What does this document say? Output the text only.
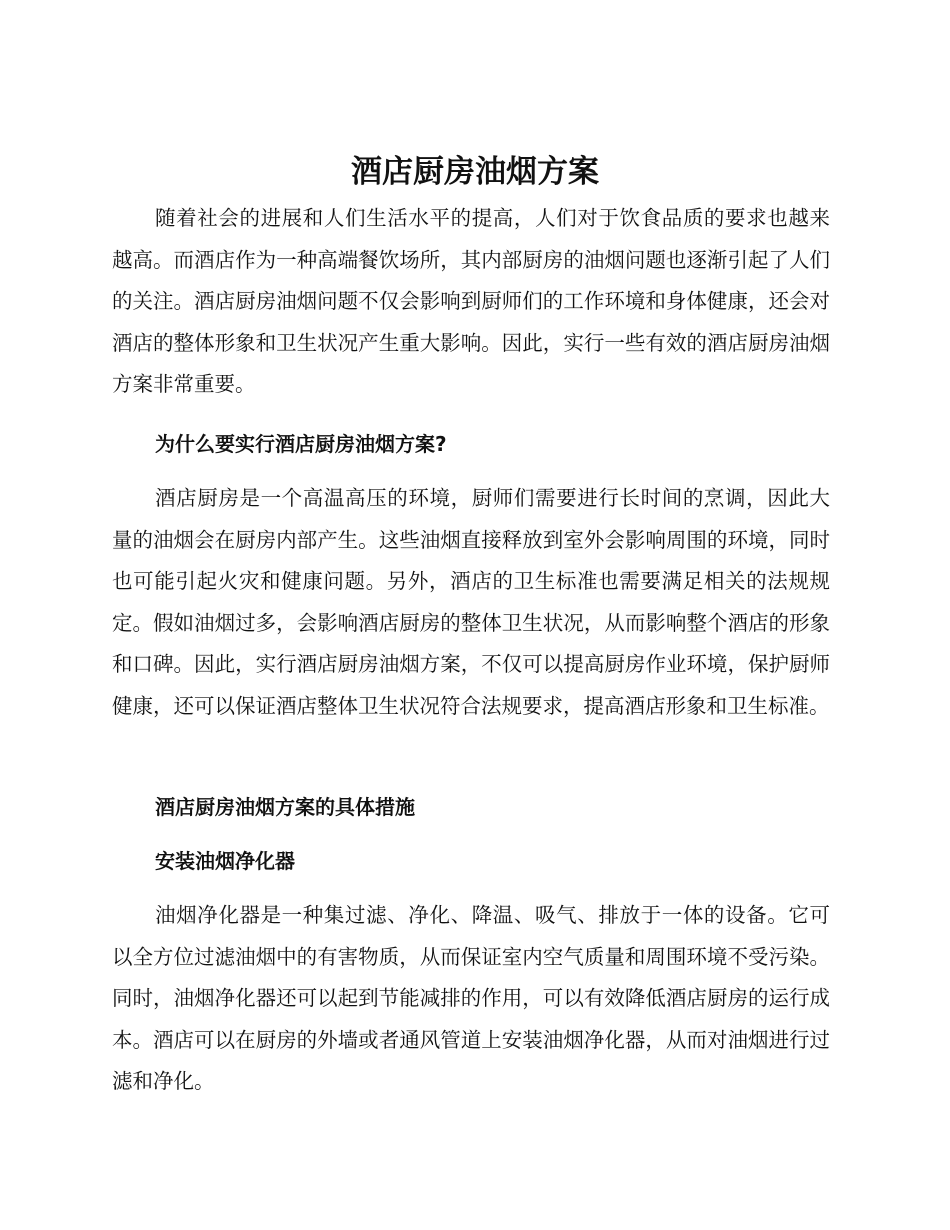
酒店厨房油烟方案

随着社会的进展和人们生活水平的提高，人们对于饮食品质的要求也越来越高。而酒店作为一种高端餐饮场所，其内部厨房的油烟问题也逐渐引起了人们的关注。酒店厨房油烟问题不仅会影响到厨师们的工作环境和身体健康，还会对酒店的整体形象和卫生状况产生重大影响。因此，实行一些有效的酒店厨房油烟方案非常重要。

为什么要实行酒店厨房油烟方案?

酒店厨房是一个高温高压的环境，厨师们需要进行长时间的烹调，因此大量的油烟会在厨房内部产生。这些油烟直接释放到室外会影响周围的环境，同时也可能引起火灾和健康问题。另外，酒店的卫生标准也需要满足相关的法规规定。假如油烟过多，会影响酒店厨房的整体卫生状况，从而影响整个酒店的形象和口碑。因此，实行酒店厨房油烟方案，不仅可以提高厨房作业环境，保护厨师健康，还可以保证酒店整体卫生状况符合法规要求，提高酒店形象和卫生标准。

酒店厨房油烟方案的具体措施
安装油烟净化器

油烟净化器是一种集过滤、净化、降温、吸气、排放于一体的设备。它可以全方位过滤油烟中的有害物质，从而保证室内空气质量和周围环境不受污染。同时，油烟净化器还可以起到节能减排的作用，可以有效降低酒店厨房的运行成本。酒店可以在厨房的外墙或者通风管道上安装油烟净化器，从而对油烟进行过滤和净化。
